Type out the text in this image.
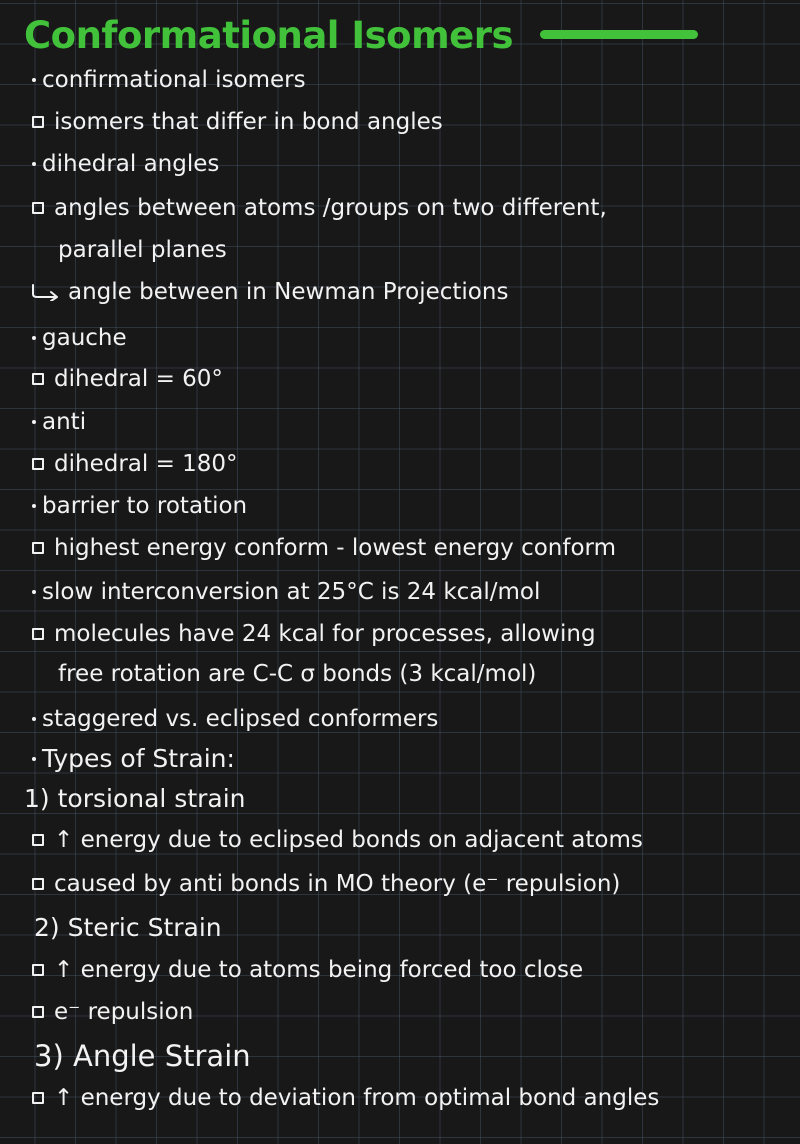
Conformational Isomers
confirmational isomers
isomers that differ in bond angles
dihedral angles
angles between atoms /groups on two different,
parallel planes
angle between in Newman Projections
gauche
dihedral = 60°
anti
dihedral = 180°
barrier to rotation
highest energy conform - lowest energy conform
slow interconversion at 25°C is 24 kcal/mol
molecules have 24 kcal for processes, allowing
free rotation are C-C σ bonds (3 kcal/mol)
staggered vs. eclipsed conformers
Types of Strain:
1) torsional strain
↑ energy due to eclipsed bonds on adjacent atoms
caused by anti bonds in MO theory (e⁻ repulsion)
2) Steric Strain
↑ energy due to atoms being forced too close
e⁻ repulsion
3) Angle Strain
↑ energy due to deviation from optimal bond angles
